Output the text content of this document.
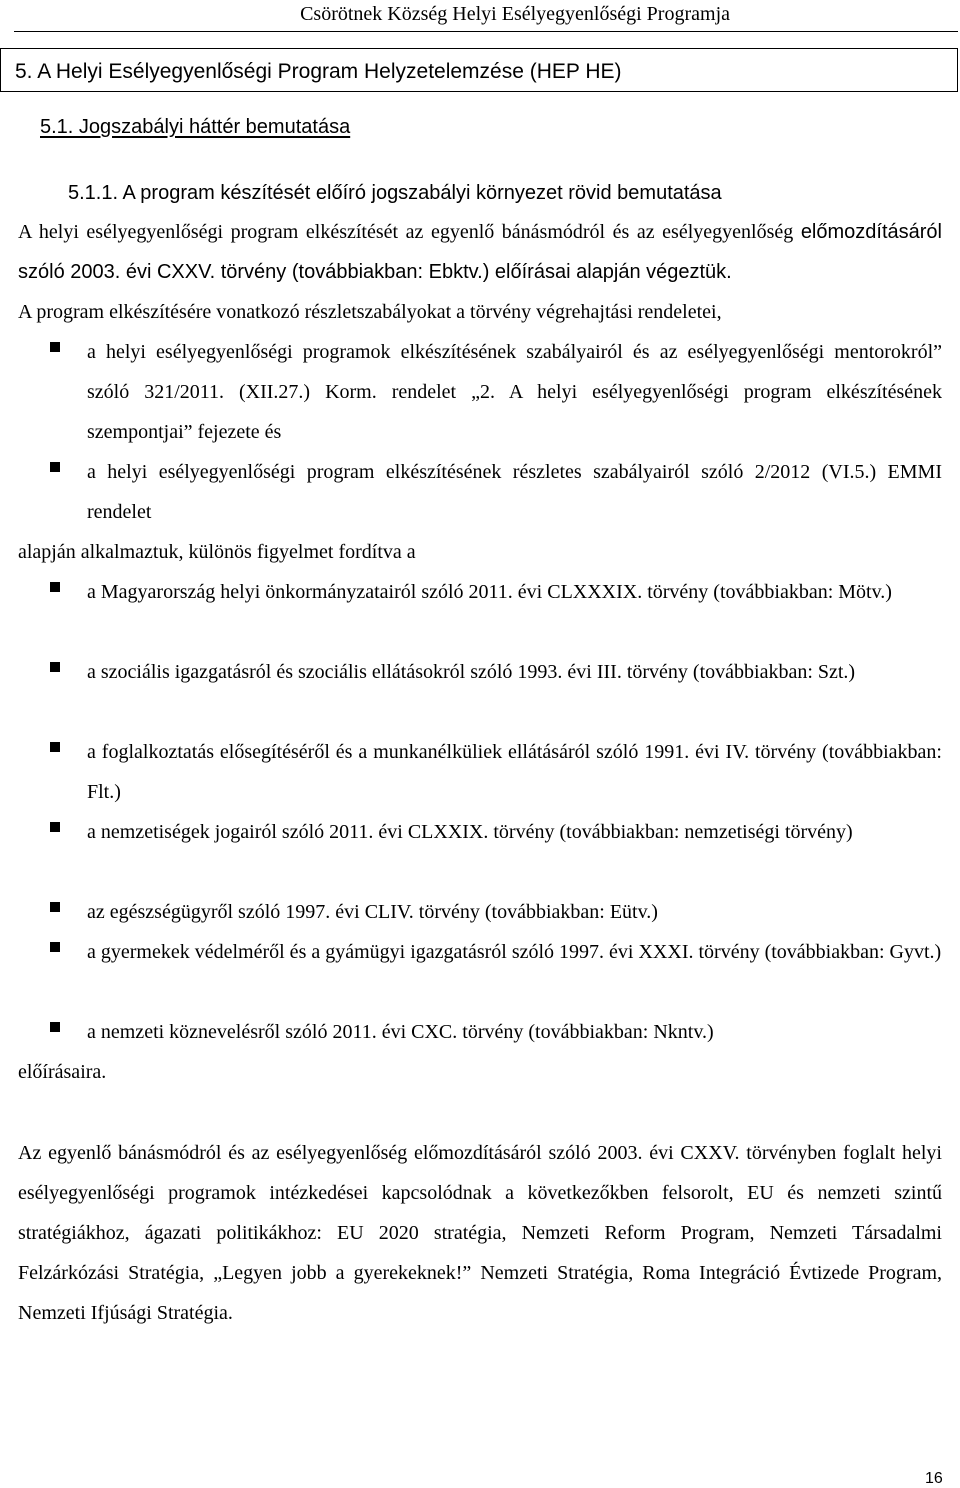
Csörötnek Község Helyi Esélyegyenlőségi Programja
5. A Helyi Esélyegyenlőségi Program Helyzetelemzése (HEP HE)
5.1. Jogszabályi háttér bemutatása
5.1.1. A program készítését előíró jogszabályi környezet rövid bemutatása

A helyi esélyegyenlőségi program elkészítését az egyenlő bánásmódról és az esélyegyenlőség előmozdításáról szóló 2003. évi CXXV. törvény (továbbiakban: Ebktv.) előírásai alapján végeztük.

A program elkészítésére vonatkozó részletszabályokat a törvény végrehajtási rendeletei,

a helyi esélyegyenlőségi programok elkészítésének szabályairól és az esélyegyenlőségi mentorokról” szóló 321/2011. (XII.27.) Korm. rendelet „2. A helyi esélyegyenlőségi program elkészítésének szempontjai” fejezete és

a helyi esélyegyenlőségi program elkészítésének részletes szabályairól szóló 2/2012 (VI.5.) EMMI rendelet

alapján alkalmaztuk, különös figyelmet fordítva a

a Magyarország helyi önkormányzatairól szóló 2011. évi CLXXXIX. törvény (továbbiakban: Mötv.)

a szociális igazgatásról és szociális ellátásokról szóló 1993. évi III. törvény (továbbiakban: Szt.)

a foglalkoztatás elősegítéséről és a munkanélküliek ellátásáról szóló 1991. évi IV. törvény (továbbiakban: Flt.)

a nemzetiségek jogairól szóló 2011. évi CLXXIX. törvény (továbbiakban: nemzetiségi törvény)

az egészségügyről szóló 1997. évi CLIV. törvény (továbbiakban: Eütv.)

a gyermekek védelméről és a gyámügyi igazgatásról szóló 1997. évi XXXI. törvény (továbbiakban: Gyvt.)

a nemzeti köznevelésről szóló 2011. évi CXC. törvény (továbbiakban: Nkntv.)

előírásaira.

Az egyenlő bánásmódról és az esélyegyenlőség előmozdításáról szóló 2003. évi CXXV. törvényben foglalt helyi esélyegyenlőségi programok intézkedései kapcsolódnak a következőkben felsorolt, EU és nemzeti szintű stratégiákhoz, ágazati politikákhoz: EU 2020 stratégia, Nemzeti Reform Program, Nemzeti Társadalmi Felzárkózási Stratégia, „Legyen jobb a gyerekeknek!” Nemzeti Stratégia, Roma Integráció Évtizede Program, Nemzeti Ifjúsági Stratégia.

16
